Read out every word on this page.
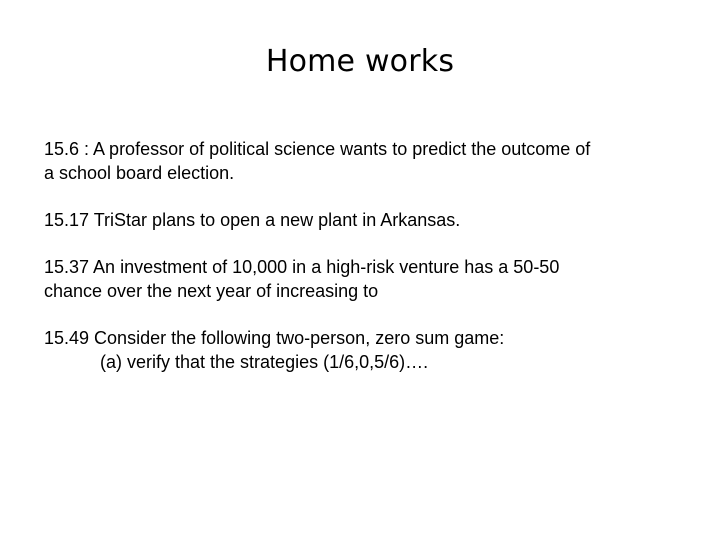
Home works
15.6 : A professor of political science wants to predict the outcome of
a school board election.
15.17 TriStar plans to open a new plant in Arkansas.
15.37 An investment of 10,000 in a high-risk venture has a 50-50
chance over the next year of increasing to
15.49 Consider the following two-person, zero sum game:
(a) verify that the strategies (1/6,0,5/6)….
